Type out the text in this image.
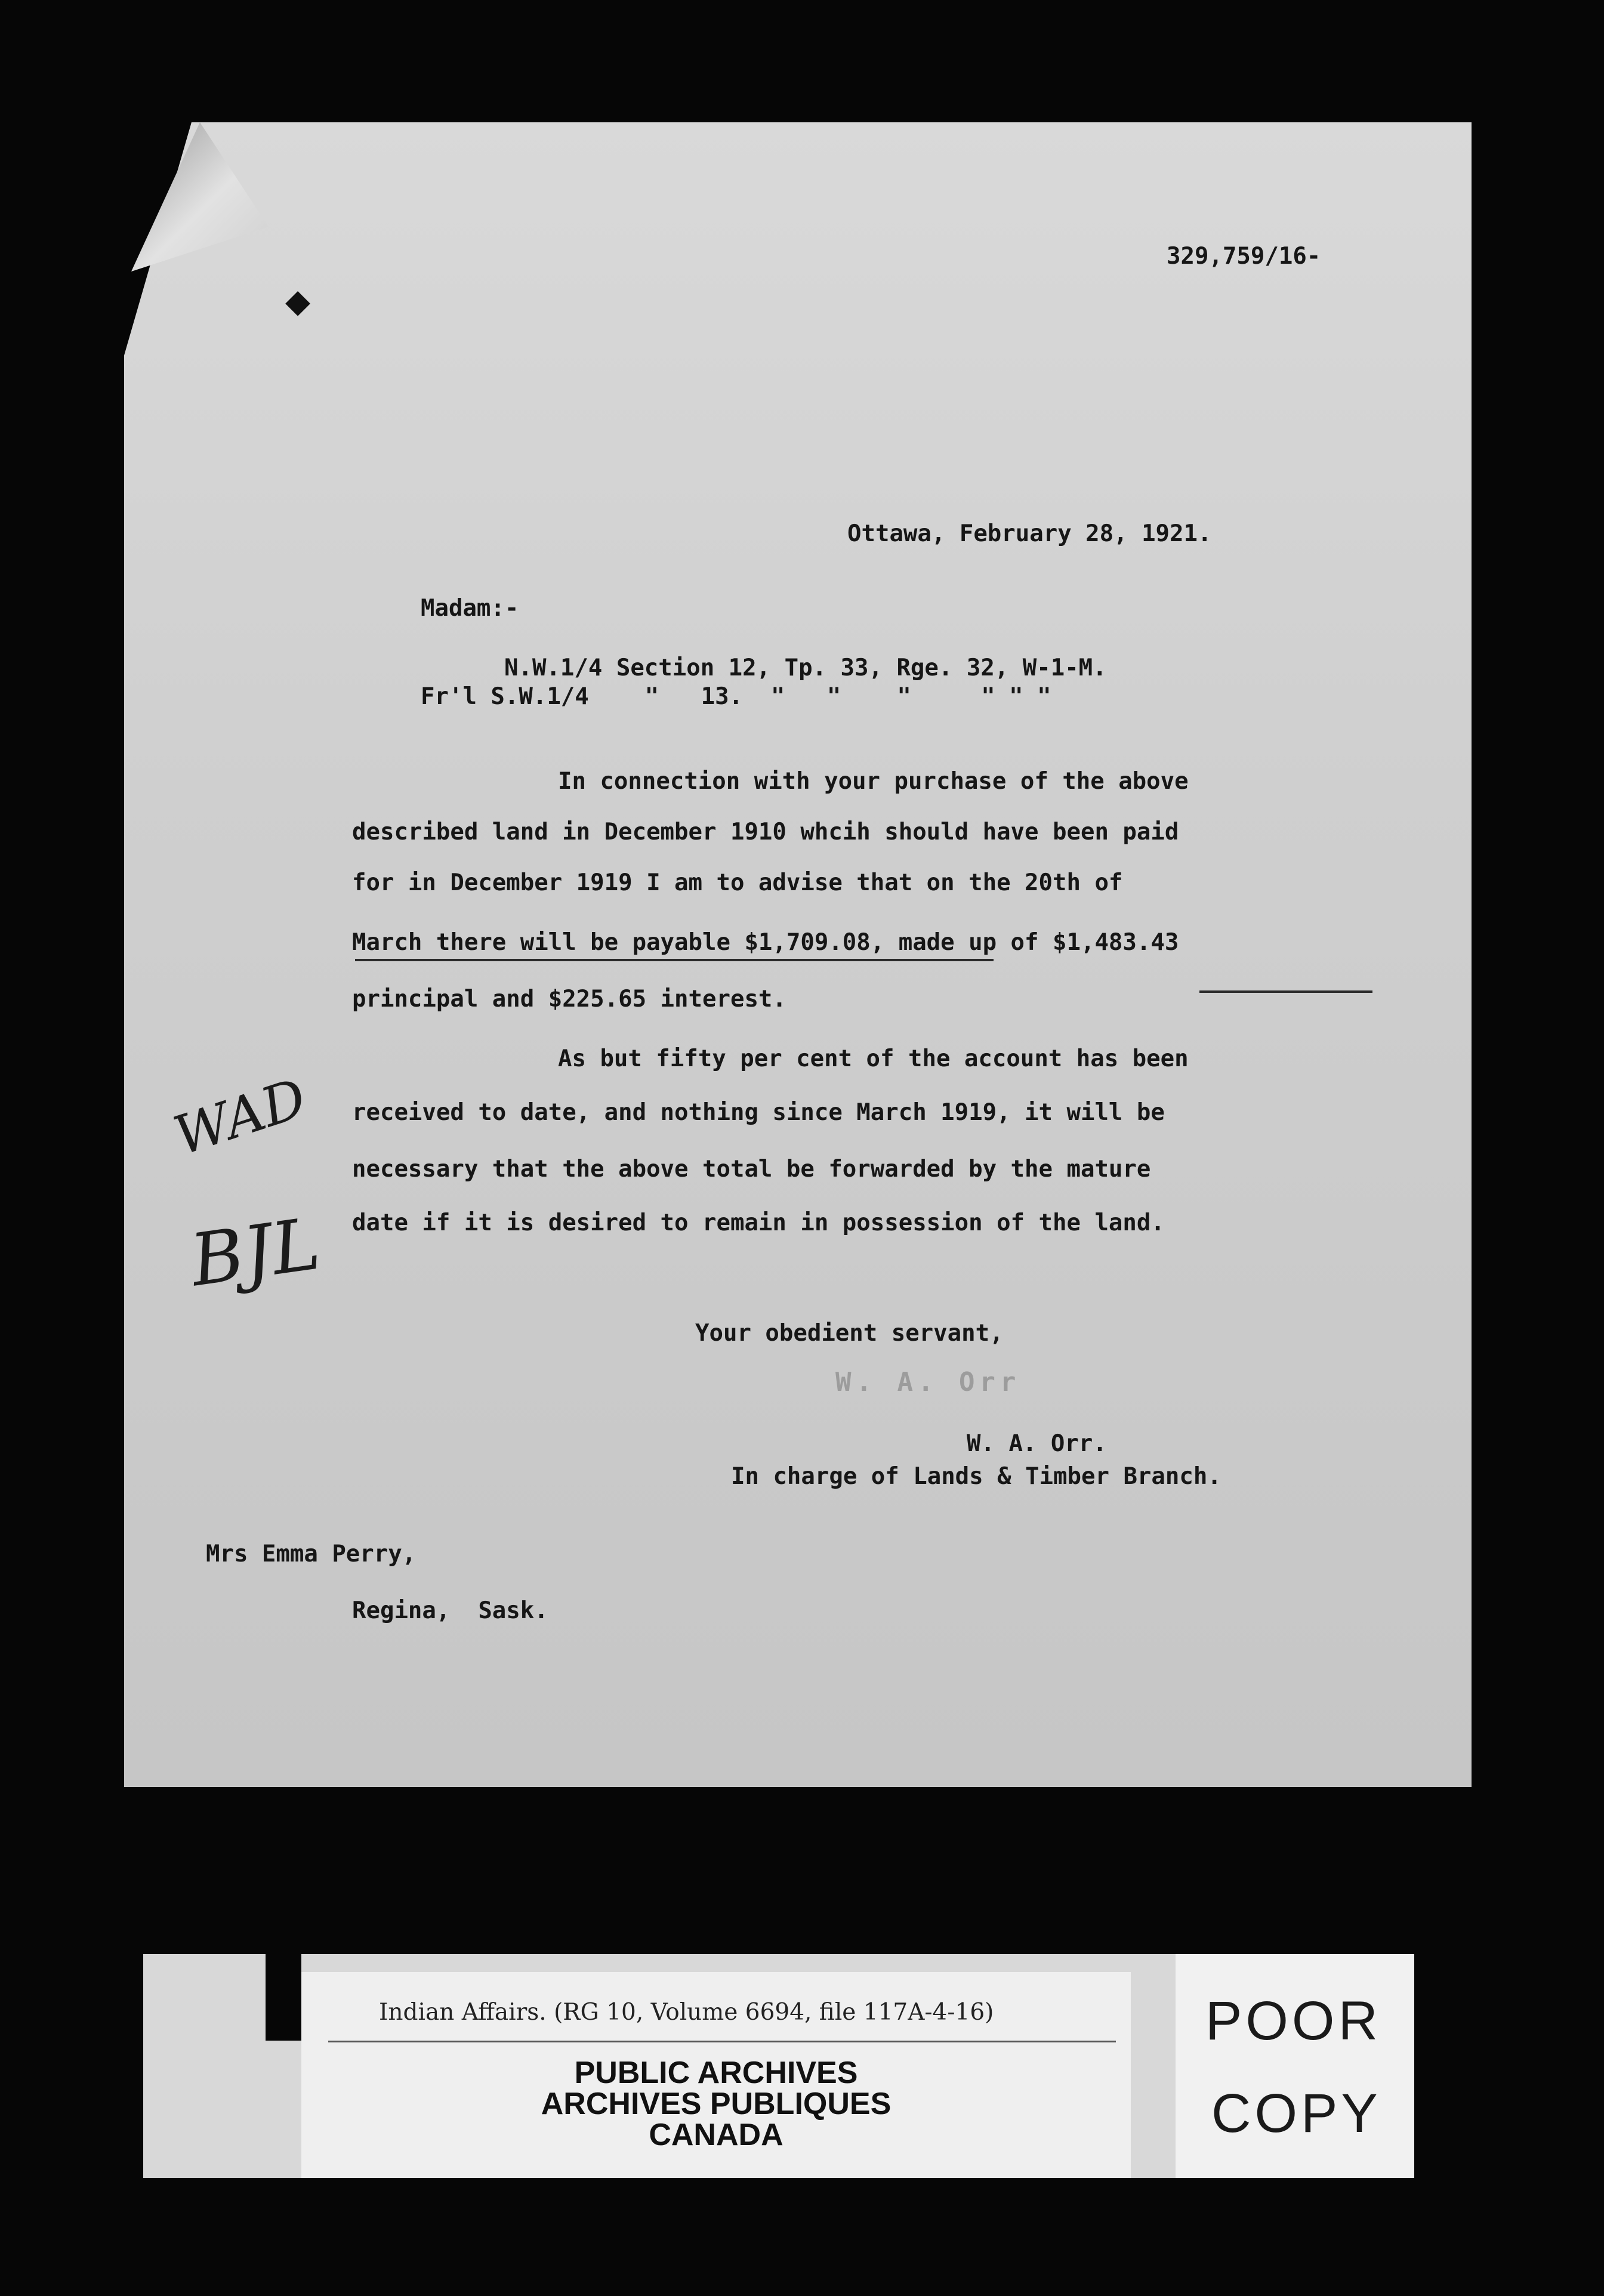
◆
329,759/16-
Ottawa, February 28, 1921.
Madam:-
N.W.1/4 Section 12, Tp. 33, Rge. 32, W-1-M.
Fr'l S.W.1/4    "   13.  "   "    "     " " "
In connection with your purchase of the above
described land in December 1910 whcih should have been paid
for in December 1919 I am to advise that on the 20th of
March there will be payable $1,709.08, made up of $1,483.43
principal and $225.65 interest.
As but fifty per cent of the account has been
received to date, and nothing since March 1919, it will be
necessary that the above total be forwarded by the mature
date if it is desired to remain in possession of the land.
WAD
BJL
Your obedient servant,
W. A. Orr
W. A. Orr.
In charge of Lands & Timber Branch.
Mrs Emma Perry,
Regina,  Sask.
Indian Affairs. (RG 10, Volume 6694, file 117A-4-16)
PUBLIC ARCHIVES
ARCHIVES PUBLIQUES
CANADA
POOR
COPY
